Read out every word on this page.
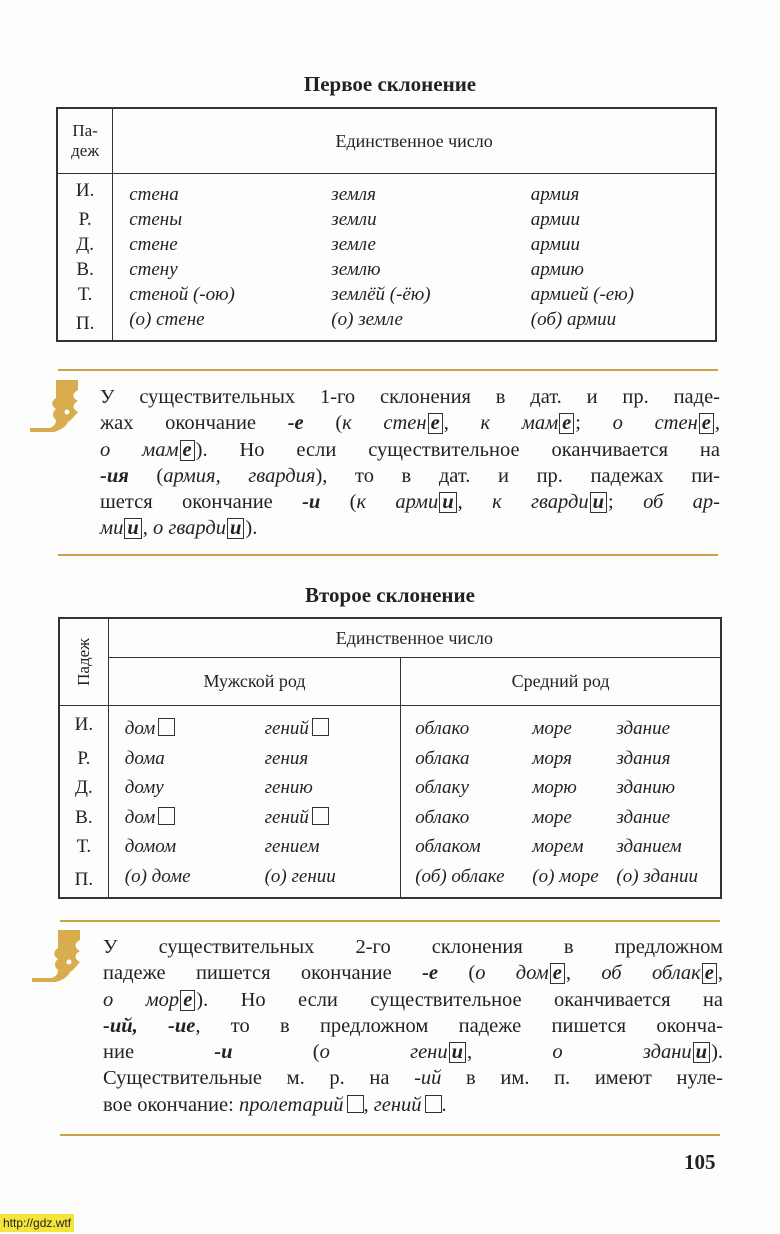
Первое склонение
Па-
деж	Единственное число		
И.	стена	земля	армия
Р.	стены	земли	армии
Д.	стене	земле	армии
В.	стену	землю	армию
Т.	стеной (-ою)	землёй (-ёю)	армией (-ею)
П.	(о) стене	(о) земле	(об) армии
У существительных 1-го склонения в дат. и пр. паде-
жах окончание -е (к стен е , к мам е ; о стен е ,
о мам е ). Но если существительное оканчивается на
-ия (армия, гвардия), то в дат. и пр. падежах пи-
шется окончание -и (к арми и , к гварди и ; об ар-
ми и , о гварди и ).
Второе склонение
Падеж	Единственное число				
	Мужской род		Средний род		
И.	дом	гений	облако	море	здание
Р.	дома	гения	облака	моря	здания
Д.	дому	гению	облаку	морю	зданию
В.	дом	гений	облако	море	здание
Т.	домом	гением	облаком	морем	зданием
П.	(о) доме	(о) гении	(об) облаке	(о) море	(о) здании
У существительных 2-го склонения в предложном
падеже пишется окончание -е (о дом е , об облак е ,
о мор е ). Но если существительное оканчивается на
-ий, -ие, то в предложном падеже пишется оконча-
ние -и (о гени и , о здани и ).
Существительные м. р. на -ий в им. п. имеют нуле-
вое окончание: пролетарий , гений .
105
http://gdz.wtf
